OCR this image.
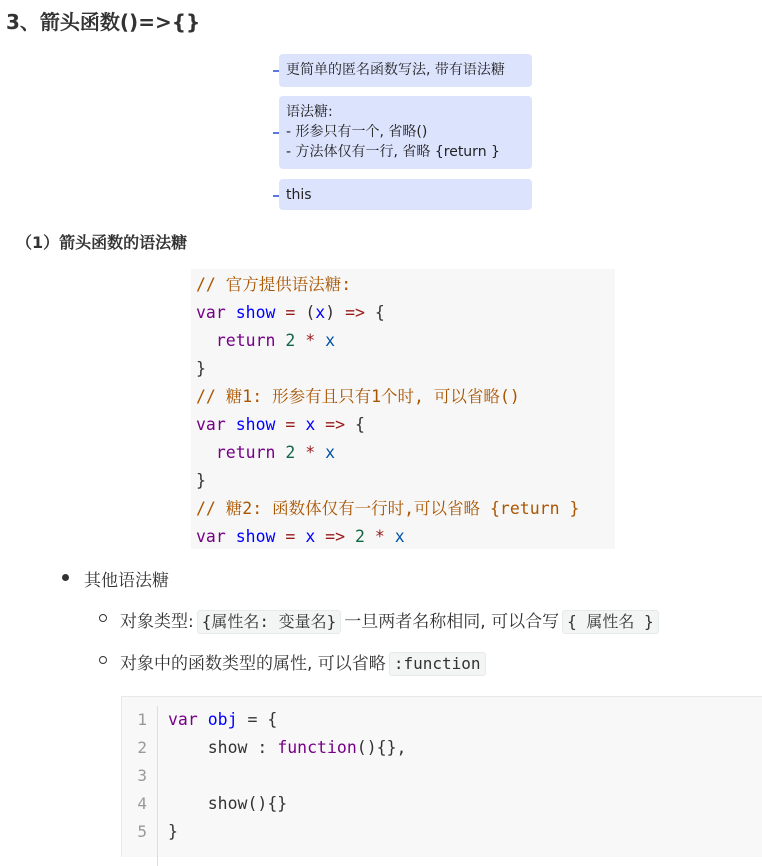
3、箭头函数()=>{}
更简单的匿名函数写法, 带有语法糖
语法糖:
- 形参只有一个, 省略()
- 方法体仅有一行, 省略 {return }
this
（1）箭头函数的语法糖
// 官方提供语法糖:
var show = (x) => {
return 2 * x
}
// 糖1: 形参有且只有1个时, 可以省略()
var show = x => {
return 2 * x
}
// 糖2: 函数体仅有一行时,可以省略 {return }
var show = x => 2 * x
其他语法糖
对象类型: {属性名: 变量名} 一旦两者名称相同, 可以合写 { 属性名 }
对象中的函数类型的属性, 可以省略 :function
1
2
3
4
5
var obj = {
show : function(){},
show(){}
}
